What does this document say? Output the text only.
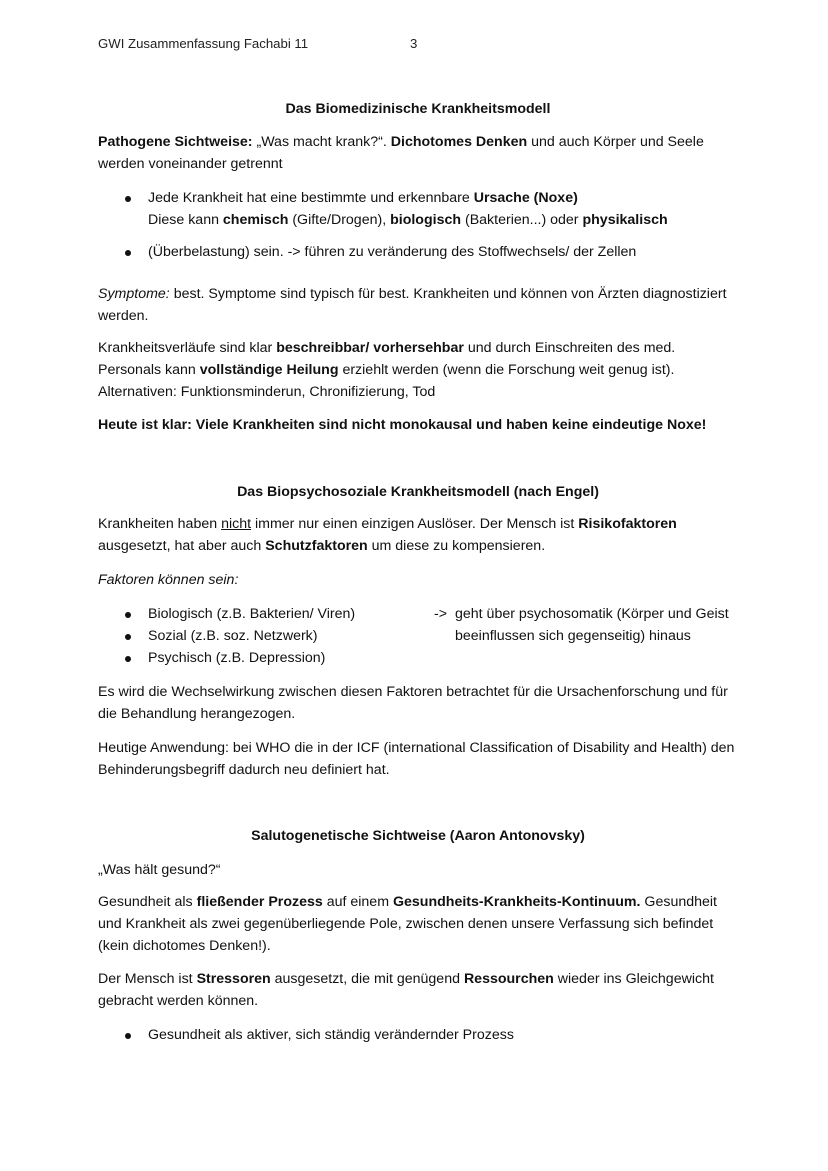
GWI Zusammenfassung Fachabi 11	3
Das Biomedizinische Krankheitsmodell

Pathogene Sichtweise: „Was macht krank?“. Dichotomes Denken und auch Körper und Seele werden voneinander getrennt

Jede Krankheit hat eine bestimmte und erkennbare Ursache (Noxe)
Diese kann chemisch (Gifte/Drogen), biologisch (Bakterien...) oder physikalisch
(Überbelastung) sein. -> führen zu veränderung des Stoffwechsels/ der Zellen

Symptome: best. Symptome sind typisch für best. Krankheiten und können von Ärzten diagnostiziert werden.

Krankheitsverläufe sind klar beschreibbar/ vorhersehbar und durch Einschreiten des med. Personals kann vollständige Heilung erziehlt werden (wenn die Forschung weit genug ist). Alternativen: Funktionsminderun, Chronifizierung, Tod

Heute ist klar: Viele Krankheiten sind nicht monokausal und haben keine eindeutige Noxe!

Das Biopsychosoziale Krankheitsmodell (nach Engel)

Krankheiten haben nicht immer nur einen einzigen Auslöser. Der Mensch ist Risikofaktoren ausgesetzt, hat aber auch Schutzfaktoren um diese zu kompensieren.

Faktoren können sein:

Biologisch (z.B. Bakterien/ Viren)
Sozial (z.B. soz. Netzwerk)
Psychisch (z.B. Depression)
-> geht über psychosomatik (Körper und Geist beeinflussen sich gegenseitig) hinaus

Es wird die Wechselwirkung zwischen diesen Faktoren betrachtet für die Ursachenforschung und für die Behandlung herangezogen.

Heutige Anwendung: bei WHO die in der ICF (international Classification of Disability and Health) den Behinderungsbegriff dadurch neu definiert hat.

Salutogenetische Sichtweise (Aaron Antonovsky)

„Was hält gesund?“

Gesundheit als fließender Prozess auf einem Gesundheits-Krankheits-Kontinuum. Gesundheit und Krankheit als zwei gegenüberliegende Pole, zwischen denen unsere Verfassung sich befindet (kein dichotomes Denken!).

Der Mensch ist Stressoren ausgesetzt, die mit genügend Ressourchen wieder ins Gleichgewicht gebracht werden können.

Gesundheit als aktiver, sich ständig verändernder Prozess
